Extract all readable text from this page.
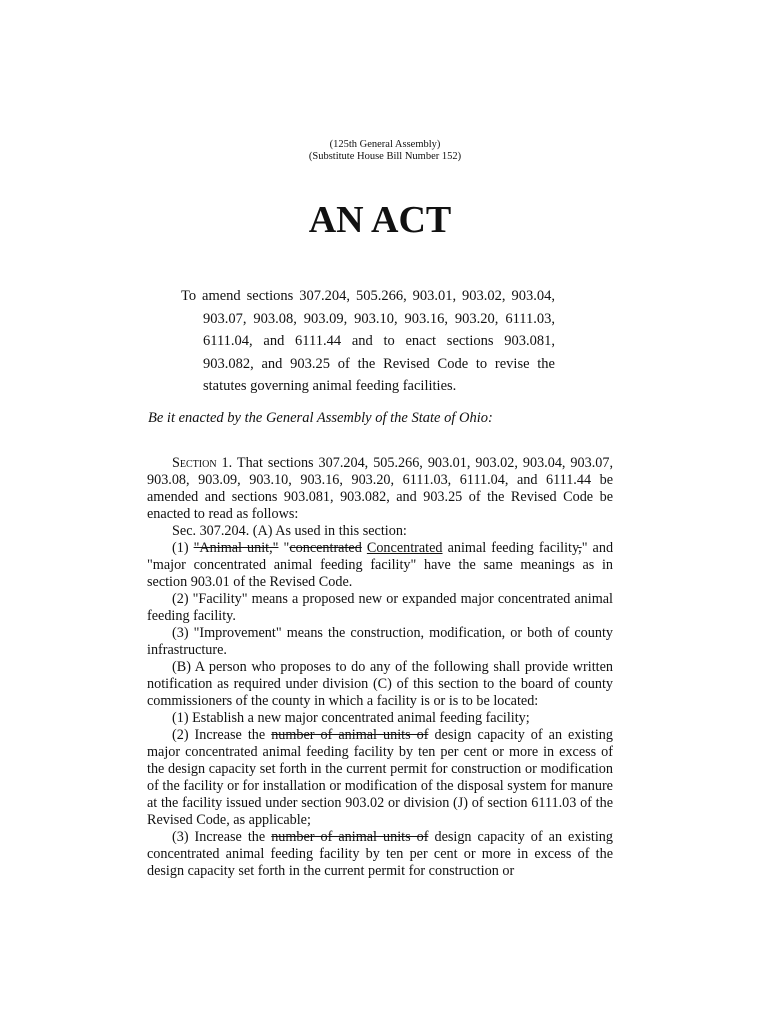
(125th General Assembly)
(Substitute House Bill Number 152)
AN ACT
To amend sections 307.204, 505.266, 903.01, 903.02, 903.04, 903.07, 903.08, 903.09, 903.10, 903.16, 903.20, 6111.03, 6111.04, and 6111.44 and to enact sections 903.081, 903.082, and 903.25 of the Revised Code to revise the statutes governing animal feeding facilities.
Be it enacted by the General Assembly of the State of Ohio:

Section 1. That sections 307.204, 505.266, 903.01, 903.02, 903.04, 903.07, 903.08, 903.09, 903.10, 903.16, 903.20, 6111.03, 6111.04, and 6111.44 be amended and sections 903.081, 903.082, and 903.25 of the Revised Code be enacted to read as follows:

Sec. 307.204. (A) As used in this section:

(1) "Animal unit," "concentrated Concentrated animal feeding facility," and "major concentrated animal feeding facility" have the same meanings as in section 903.01 of the Revised Code.

(2) "Facility" means a proposed new or expanded major concentrated animal feeding facility.

(3) "Improvement" means the construction, modification, or both of county infrastructure.

(B) A person who proposes to do any of the following shall provide written notification as required under division (C) of this section to the board of county commissioners of the county in which a facility is or is to be located:

(1) Establish a new major concentrated animal feeding facility;

(2) Increase the number of animal units of design capacity of an existing major concentrated animal feeding facility by ten per cent or more in excess of the design capacity set forth in the current permit for construction or modification of the facility or for installation or modification of the disposal system for manure at the facility issued under section 903.02 or division (J) of section 6111.03 of the Revised Code, as applicable;

(3) Increase the number of animal units of design capacity of an existing concentrated animal feeding facility by ten per cent or more in excess of the design capacity set forth in the current permit for construction or
